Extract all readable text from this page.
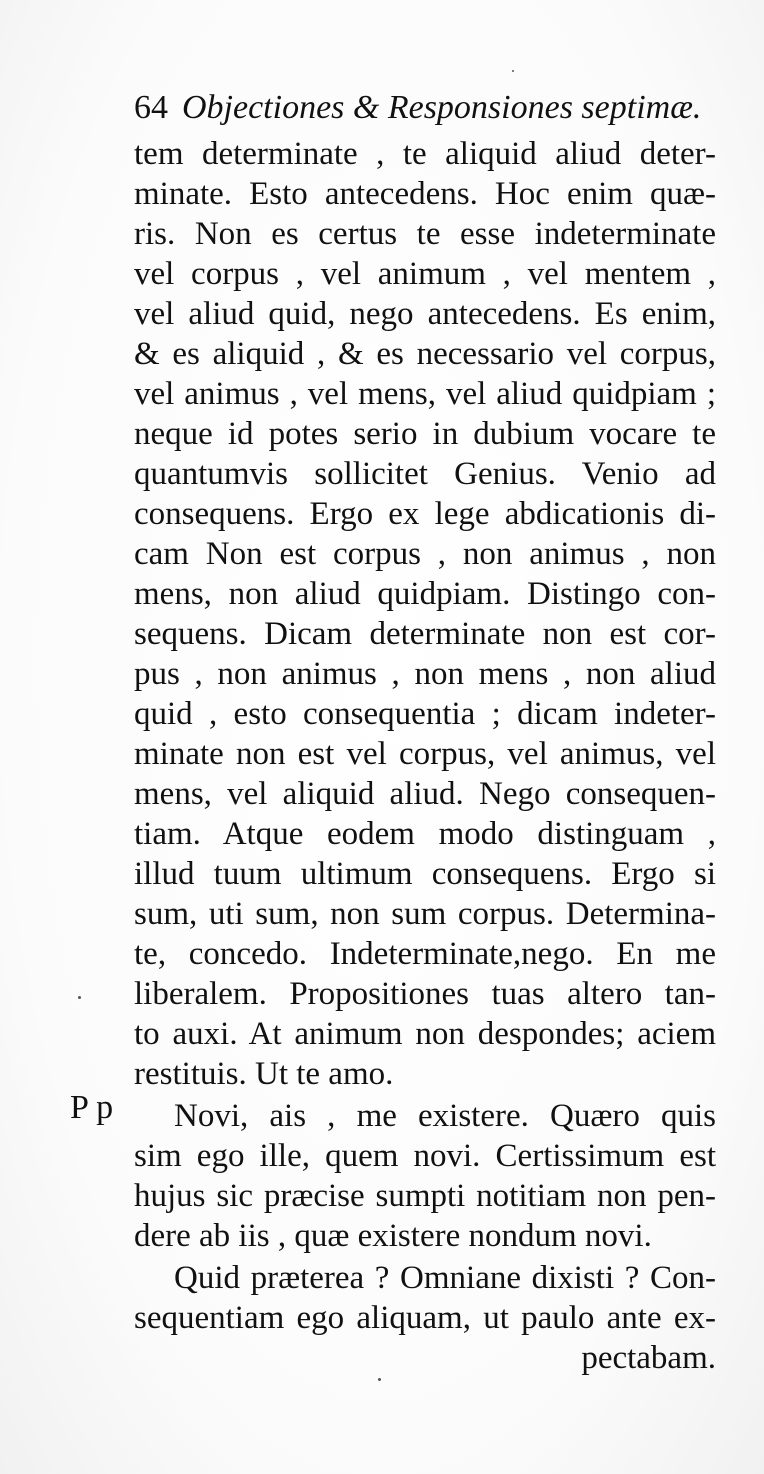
64 Objectiones & Responsiones septimæ.
P p
tem determinate , te aliquid aliud deter-
minate. Esto antecedens. Hoc enim quæ-
ris. Non es certus te esse indeterminate
vel corpus , vel animum , vel mentem ,
vel aliud quid, nego antecedens. Es enim,
& es aliquid , & es necessario vel corpus,
vel animus , vel mens, vel aliud quidpiam ;
neque id potes serio in dubium vocare te
quantumvis sollicitet Genius. Venio ad
consequens. Ergo ex lege abdicationis di-
cam Non est corpus , non animus , non
mens, non aliud quidpiam. Distingo con-
sequens. Dicam determinate non est cor-
pus , non animus , non mens , non aliud
quid , esto consequentia ; dicam indeter-
minate non est vel corpus, vel animus, vel
mens, vel aliquid aliud. Nego consequen-
tiam. Atque eodem modo distinguam ,
illud tuum ultimum consequens. Ergo si
sum, uti sum, non sum corpus. Determina-
te, concedo. Indeterminate,nego. En me
liberalem. Propositiones tuas altero tan-
to auxi. At animum non despondes; aciem
restituis. Ut te amo.
Novi, ais , me existere. Quæro quis
sim ego ille, quem novi. Certissimum est
hujus sic præcise sumpti notitiam non pen-
dere ab iis , quæ existere nondum novi.
Quid præterea ? Omniane dixisti ? Con-
sequentiam ego aliquam, ut paulo ante ex-
pectabam.
